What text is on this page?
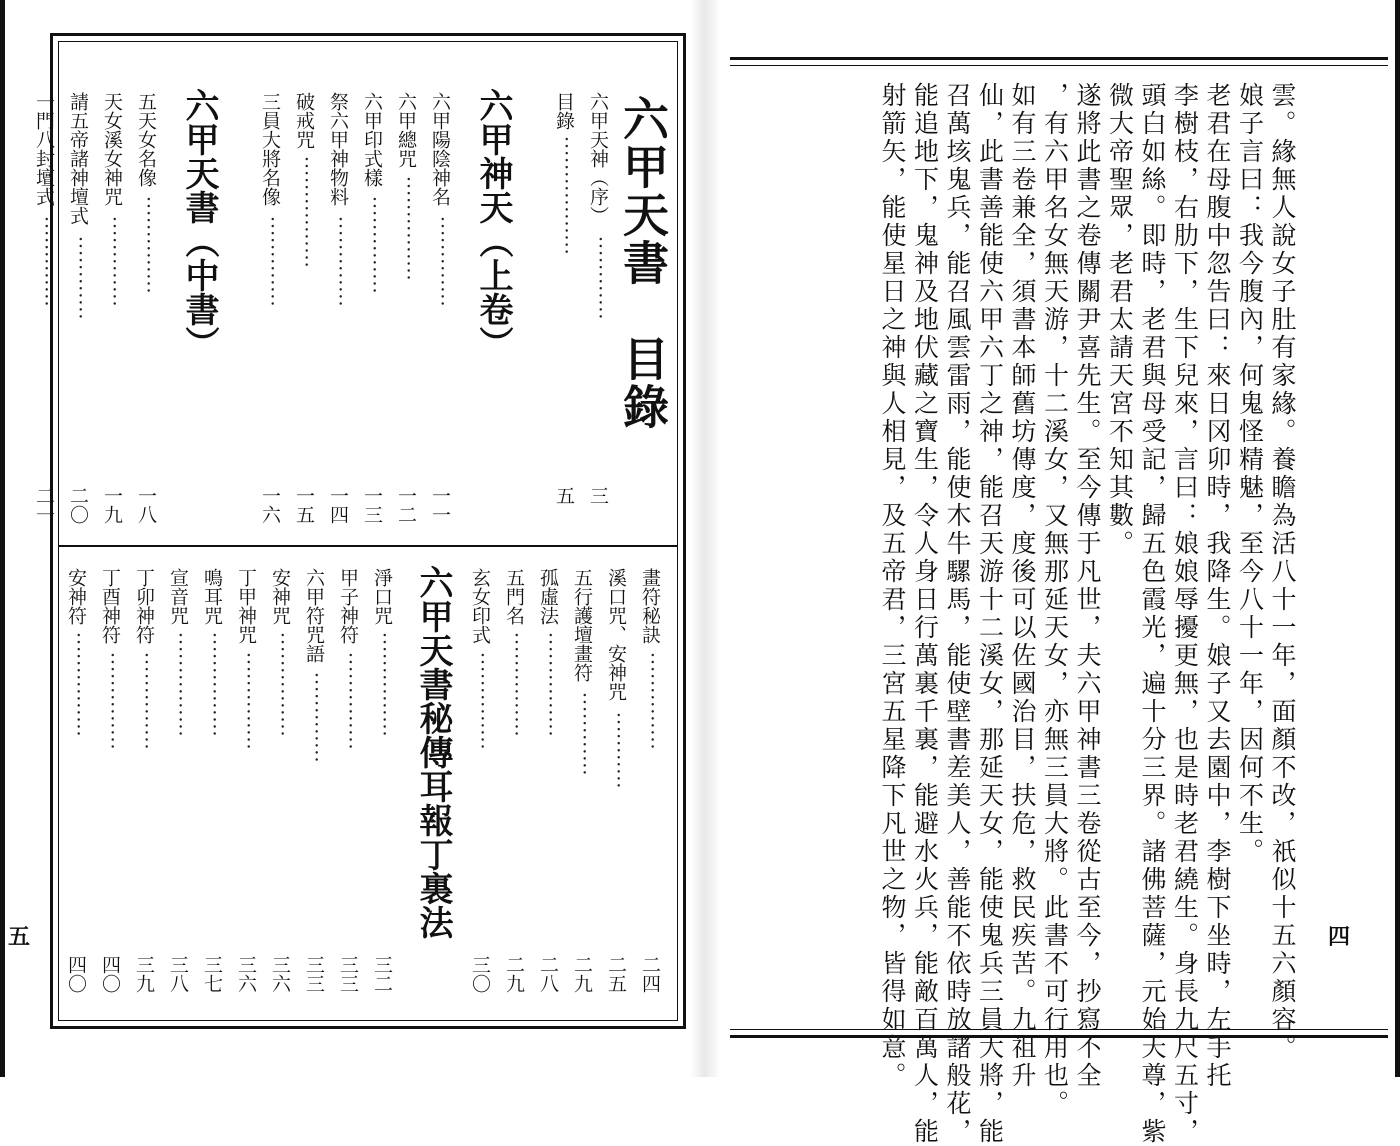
六甲天書　目錄
六甲天神（序）
············
三
目錄
·················
五
六甲神天（上卷）
六甲陽陰神名
·············
一一
六甲總咒
···············
一二
六甲印式樣
··············
一三
祭六甲神物料
·············
一四
破戒咒
················
一五
三員大將名像
·············
一六
六甲天書（中書）
五天女名像
··············
一八
天女溪女神咒
·············
一九
請五帝諸神壇式
············
二〇
一門八封壇式
·············
二一
畫符秘訣
··············
二四
溪口咒、安神咒
···········
二五
五行護壇畫符
············
二九
孤虛法
···············
二八
五門名
···············
二九
玄女印式
··············
三〇
六甲天書秘傳耳報丁裏法
淨口咒
···············
三二
甲子神符
··············
三三
六甲符咒語
·············
三三
安神咒
···············
三六
丁甲神咒
··············
三六
鳴耳咒
···············
三七
宣音咒
···············
三八
丁卯神符
··············
三九
丁酉神符
··············
四〇
安神符
···············
四〇
五	雲。緣無人說女子肚有家緣。養瞻為活八十一年，面顏不改，祇似十五六顏容。
娘子言曰：我今腹內，何鬼怪精魅，至今八十一年，因何不生。
老君在母腹中忽告曰：來日冈卯時，我降生。娘子又去園中，李樹下坐時，左手托
李樹枝，右肋下，生下兒來，言曰：娘娘辱擾更無，也是時老君繞生。身長九尺五寸，
頭白如絲。即時，老君與母受記，歸五色霞光，遍十分三界。諸佛菩薩，元始天尊，紫
微大帝聖眾，老君太請天宮不知其數。
遂將此書之卷傳關尹喜先生。至今傳于凡世，夫六甲神書三卷從古至今，抄寫不全
，有六甲名女無天游，十二溪女，又無那延天女，亦無三員大將。此書不可行用也。
如有三卷兼全，須書本師舊坊傳度，度後可以佐國治目，扶危，救民疾苦。九祖升
仙，此書善能使六甲六丁之神，能召天游十二溪女，那延天女，能使鬼兵三員大將，能
召萬垓鬼兵，能召風雲雷雨，能使木牛騾馬，能使壁書差美人，善能不依時放諸般花，
能追地下，鬼神及地伏藏之寶生，令人身日行萬裏千裏，能避水火兵，能敵百萬人，能
射箭矢，能使星日之神與人相見，及五帝君，三宮五星降下凡世之物，皆得如意。	四
